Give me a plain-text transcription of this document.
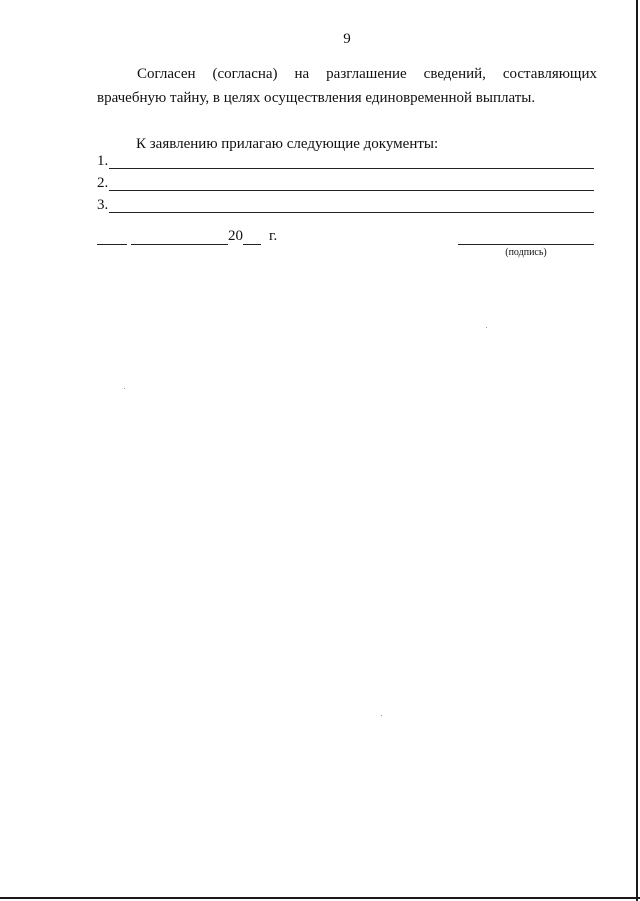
9
Согласен (согласна) на разглашение сведений, составляющих
врачебную тайну, в целях осуществления единовременной выплаты.
К заявлению прилагаю следующие документы:
1.
2.
3.
20 г.
(подпись)
